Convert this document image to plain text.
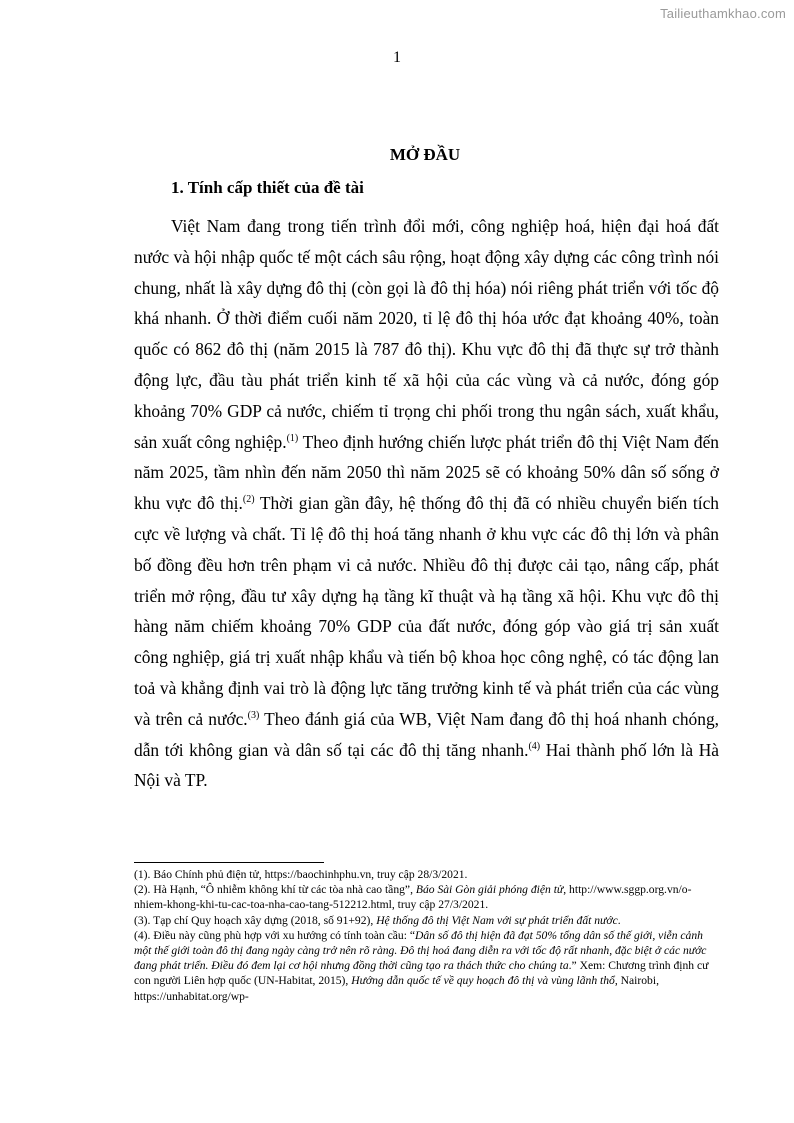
Tailieuthamkhao.com
1
MỞ ĐẦU
1. Tính cấp thiết của đề tài

Việt Nam đang trong tiến trình đổi mới, công nghiệp hoá, hiện đại hoá đất nước và hội nhập quốc tế một cách sâu rộng, hoạt động xây dựng các công trình nói chung, nhất là xây dựng đô thị (còn gọi là đô thị hóa) nói riêng phát triển với tốc độ khá nhanh. Ở thời điểm cuối năm 2020, tỉ lệ đô thị hóa ước đạt khoảng 40%, toàn quốc có 862 đô thị (năm 2015 là 787 đô thị). Khu vực đô thị đã thực sự trở thành động lực, đầu tàu phát triển kinh tế xã hội của các vùng và cả nước, đóng góp khoảng 70% GDP cả nước, chiếm tỉ trọng chi phối trong thu ngân sách, xuất khẩu, sản xuất công nghiệp.$^{(1)}$ Theo định hướng chiến lược phát triển đô thị Việt Nam đến năm 2025, tầm nhìn đến năm 2050 thì năm 2025 sẽ có khoảng 50% dân số sống ở khu vực đô thị.$^{(2)}$ Thời gian gần đây, hệ thống đô thị đã có nhiều chuyển biến tích cực về lượng và chất. Tỉ lệ đô thị hoá tăng nhanh ở khu vực các đô thị lớn và phân bố đồng đều hơn trên phạm vi cả nước. Nhiều đô thị được cải tạo, nâng cấp, phát triển mở rộng, đầu tư xây dựng hạ tầng kĩ thuật và hạ tầng xã hội. Khu vực đô thị hàng năm chiếm khoảng 70% GDP của đất nước, đóng góp vào giá trị sản xuất công nghiệp, giá trị xuất nhập khẩu và tiến bộ khoa học công nghệ, có tác động lan toả và khẳng định vai trò là động lực tăng trưởng kinh tế và phát triển của các vùng và trên cả nước.$^{(3)}$ Theo đánh giá của WB, Việt Nam đang đô thị hoá nhanh chóng, dẫn tới không gian và dân số tại các đô thị tăng nhanh.$^{(4)}$ Hai thành phố lớn là Hà Nội và TP.

(1). Báo Chính phủ điện tử, https://baochinhphu.vn, truy cập 28/3/2021.

(2). Hà Hạnh, “Ô nhiễm không khí từ các tòa nhà cao tầng”, Báo Sài Gòn giải phóng điện tử, http://www.sggp.org.vn/o-nhiem-khong-khi-tu-cac-toa-nha-cao-tang-512212.html, truy cập 27/3/2021.

(3). Tạp chí Quy hoạch xây dựng (2018, số 91+92), Hệ thống đô thị Việt Nam với sự phát triển đất nước.

(4). Điều này cũng phù hợp với xu hướng có tính toàn cầu: “Dân số đô thị hiện đã đạt 50% tổng dân số thế giới, viễn cảnh một thế giới toàn đô thị đang ngày càng trở nên rõ ràng. Đô thị hoá đang diễn ra với tốc độ rất nhanh, đặc biệt ở các nước đang phát triển. Điều đó đem lại cơ hội nhưng đồng thời cũng tạo ra thách thức cho chúng ta.” Xem: Chương trình định cư con người Liên hợp quốc (UN-Habitat, 2015), Hướng dẫn quốc tế về quy hoạch đô thị và vùng lãnh thổ, Nairobi, https://unhabitat.org/wp-
